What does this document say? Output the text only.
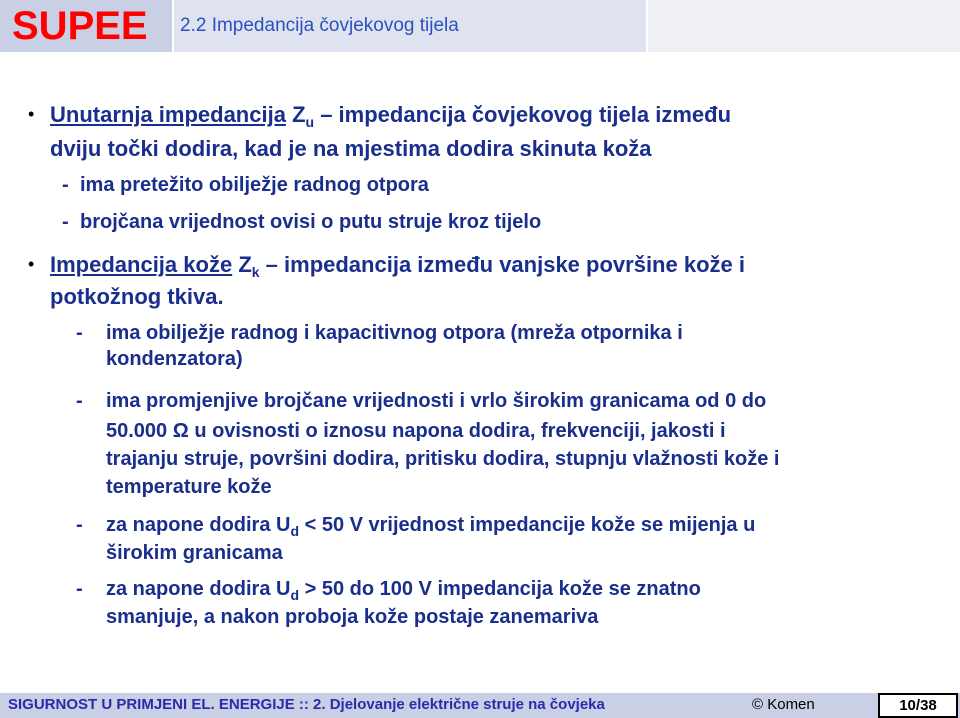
SUPEE 2.2 Impedancija čovjekovog tijela
• Unutarnja impedancija $Z_u$ – impedancija čovjekovog tijela između
dviju točki dodira, kad je na mjestima dodira skinuta koža
- ima pretežito obilježje radnog otpora
- brojčana vrijednost ovisi o putu struje kroz tijelo
• Impedancija kože $Z_k$ – impedancija između vanjske površine kože i
potkožnog tkiva.
- ima obilježje radnog i kapacitivnog otpora (mreža otpornika i
kondenzatora)
- ima promjenjive brojčane vrijednosti i vrlo širokim granicama od 0 do
50.000 Ω u ovisnosti o iznosu napona dodira, frekvenciji, jakosti i
trajanju struje, površini dodira, pritisku dodira, stupnju vlažnosti kože i
temperature kože
- za napone dodira $U_d < 50$ V vrijednost impedancije kože se mijenja u
širokim granicama
- za napone dodira $U_d > 50$ do 100 V impedancija kože se znatno
smanjuje, a nakon proboja kože postaje zanemariva
SIGURNOST U PRIMJENI EL. ENERGIJE :: 2. Djelovanje električne struje na čovjeka	© Komen	10/38
